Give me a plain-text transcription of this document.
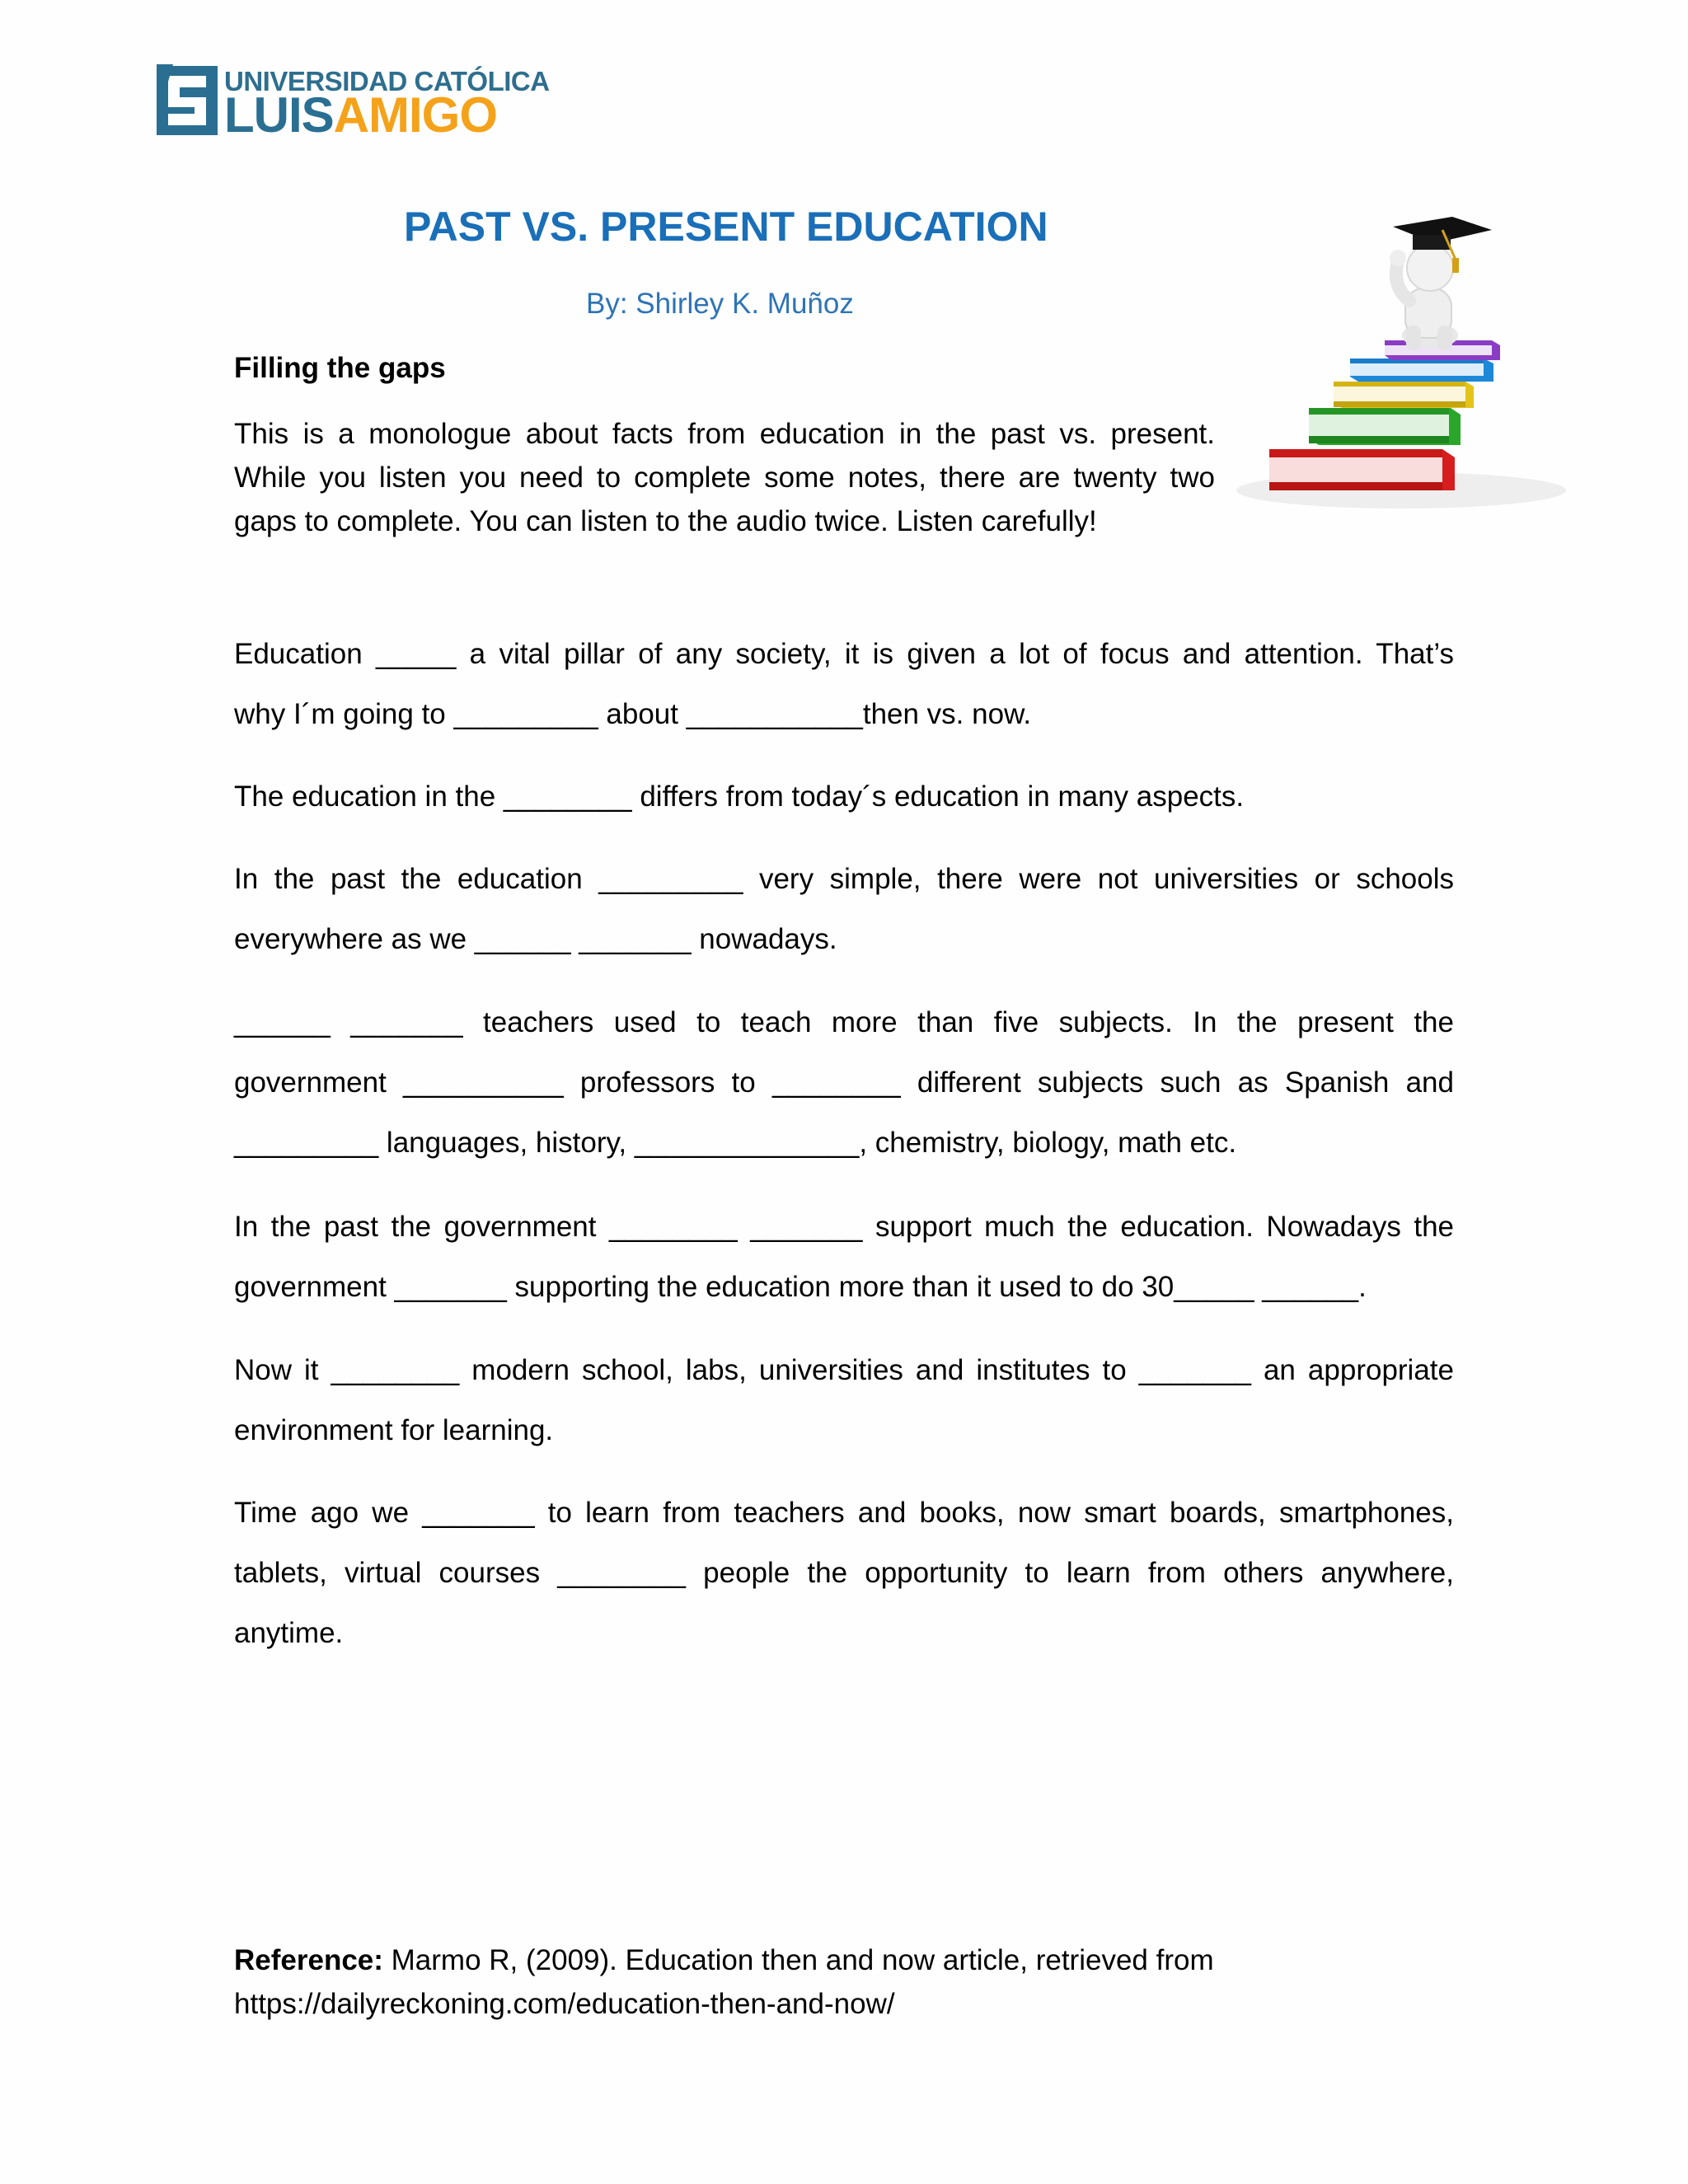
UNIVERSIDAD CATÓLICA
LUISAMIGO
PAST VS. PRESENT EDUCATION
By: Shirley K. Muñoz
Filling the gaps
This is a monologue about facts from education in the past vs. present.
While you listen you need to complete some notes, there are twenty two
gaps to complete. You can listen to the audio twice. Listen carefully!
Education _____ a vital pillar of any society, it is given a lot of focus and attention. That’s
why I´m going to _________ about ___________then vs. now.
The education in the ________ differs from today´s education in many aspects.
In the past the education _________ very simple, there were not universities or schools
everywhere as we ______ _______ nowadays.
______ _______ teachers used to teach more than five subjects. In the present the
government __________ professors to ________ different subjects such as Spanish and
_________ languages, history, ______________, chemistry, biology, math etc.
In the past the government ________ _______ support much the education. Nowadays the
government _______ supporting the education more than it used to do 30_____ ______.
Now it ________ modern school, labs, universities and institutes to _______ an appropriate
environment for learning.
Time ago we _______ to learn from teachers and books, now smart boards, smartphones,
tablets, virtual courses ________ people the opportunity to learn from others anywhere,
anytime.
Reference: Marmo R, (2009). Education then and now article, retrieved from
https://dailyreckoning.com/education-then-and-now/
